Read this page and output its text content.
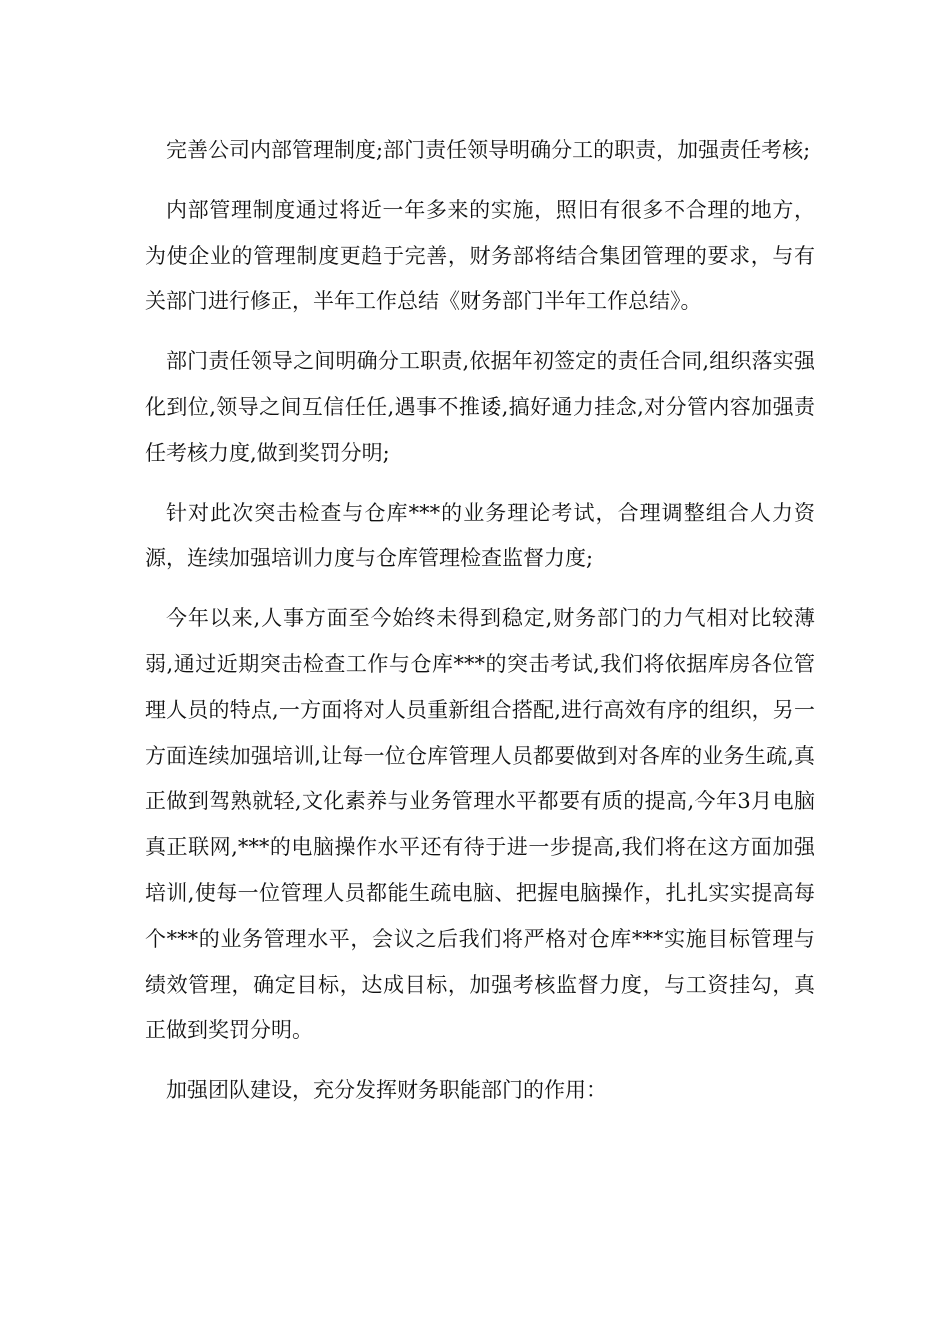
完善公司内部管理制度;部门责任领导明确分工的职责，加强责任考核;

内部管理制度通过将近一年多来的实施，照旧有很多不合理的地方，为使企业的管理制度更趋于完善，财务部将结合集团管理的要求，与有关部门进行修正，半年工作总结《财务部门半年工作总结》。

部门责任领导之间明确分工职责,依据年初签定的责任合同,组织落实强化到位,领导之间互信任任,遇事不推诿,搞好通力挂念,对分管内容加强责任考核力度,做到奖罚分明;

针对此次突击检查与仓库***的业务理论考试，合理调整组合人力资源，连续加强培训力度与仓库管理检查监督力度;

今年以来,人事方面至今始终未得到稳定,财务部门的力气相对比较薄弱,通过近期突击检查工作与仓库***的突击考试,我们将依据库房各位管理人员的特点,一方面将对人员重新组合搭配,进行高效有序的组织，另一方面连续加强培训,让每一位仓库管理人员都要做到对各库的业务生疏,真正做到驾熟就轻,文化素养与业务管理水平都要有质的提高,今年3月电脑真正联网,***的电脑操作水平还有待于进一步提高,我们将在这方面加强培训,使每一位管理人员都能生疏电脑、把握电脑操作，扎扎实实提高每个***的业务管理水平，会议之后我们将严格对仓库***实施目标管理与绩效管理，确定目标，达成目标，加强考核监督力度，与工资挂勾，真正做到奖罚分明。

加强团队建设，充分发挥财务职能部门的作用：
